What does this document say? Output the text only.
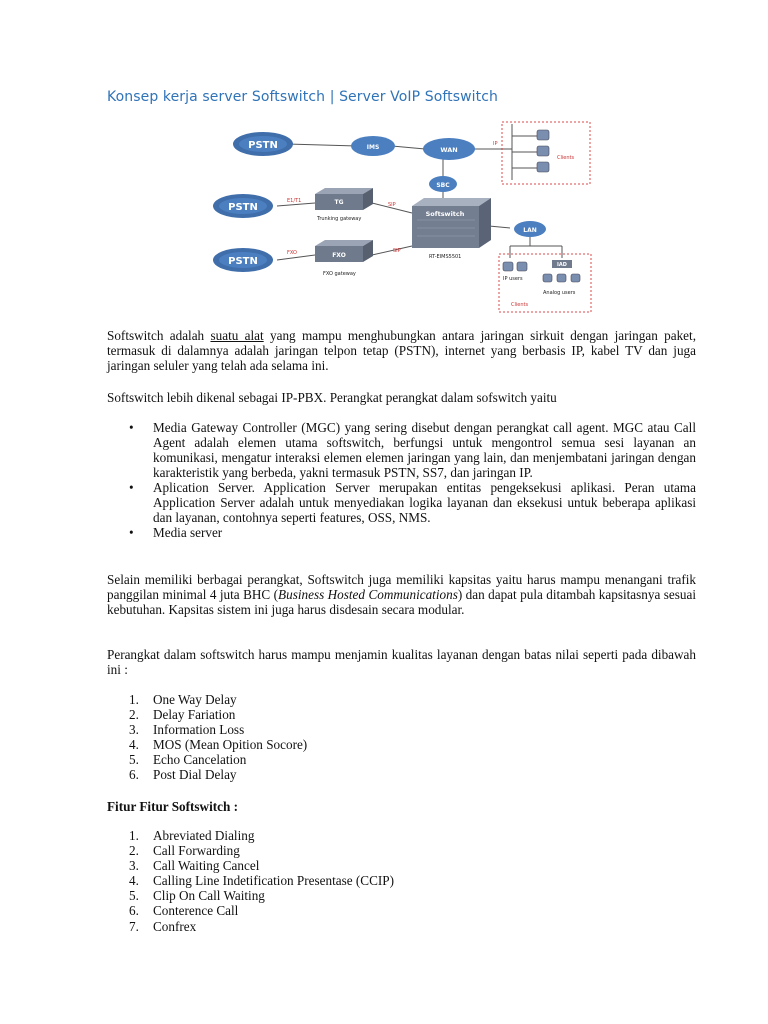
Konsep kerja server Softswitch | Server VoIP Softswitch
Clients
IP
PSTN
PSTN
PSTN
IMS	WAN
SBC
TG
E1/T1
SIP
Trunking gateway
FXO
FXO	SIP
FXO gateway
Softswitch
RT-EIMS5501
LAN
IAD
IP users
Analog users
Clients

Softswitch adalah suatu alat yang mampu menghubungkan antara jaringan sirkuit dengan jaringan paket, termasuk di dalamnya adalah jaringan telpon tetap (PSTN), internet yang berbasis IP, kabel TV dan juga jaringan seluler yang telah ada selama ini.

Softswitch lebih dikenal sebagai IP-PBX. Perangkat perangkat dalam sofswitch yaitu

• Media Gateway Controller (MGC) yang sering disebut dengan perangkat call agent. MGC atau Call Agent adalah elemen utama softswitch, berfungsi untuk mengontrol semua sesi layanan an komunikasi, mengatur interaksi elemen elemen jaringan yang lain, dan menjembatani jaringan dengan karakteristik yang berbeda, yakni termasuk PSTN, SS7, dan jaringan IP.
• Aplication Server. Application Server merupakan entitas pengeksekusi aplikasi. Peran utama Application Server adalah untuk menyediakan logika layanan dan eksekusi untuk beberapa aplikasi dan layanan, contohnya seperti features, OSS, NMS.
• Media server

Selain memiliki berbagai perangkat, Softswitch juga memiliki kapsitas yaitu harus mampu menangani trafik panggilan minimal 4 juta BHC (Business Hosted Communications) dan dapat pula ditambah kapsitasnya sesuai kebutuhan. Kapsitas sistem ini juga harus disdesain secara modular.

Perangkat dalam softswitch harus mampu menjamin kualitas layanan dengan batas nilai seperti pada dibawah ini :

1. One Way Delay
2. Delay Fariation
3. Information Loss
4. MOS (Mean Opition Socore)
5. Echo Cancelation
6. Post Dial Delay
Fitur Fitur Softswitch :
1. Abreviated Dialing
2. Call Forwarding
3. Call Waiting Cancel
4. Calling Line Indetification Presentase (CCIP)
5. Clip On Call Waiting
6. Conterence Call
7. Confrex
